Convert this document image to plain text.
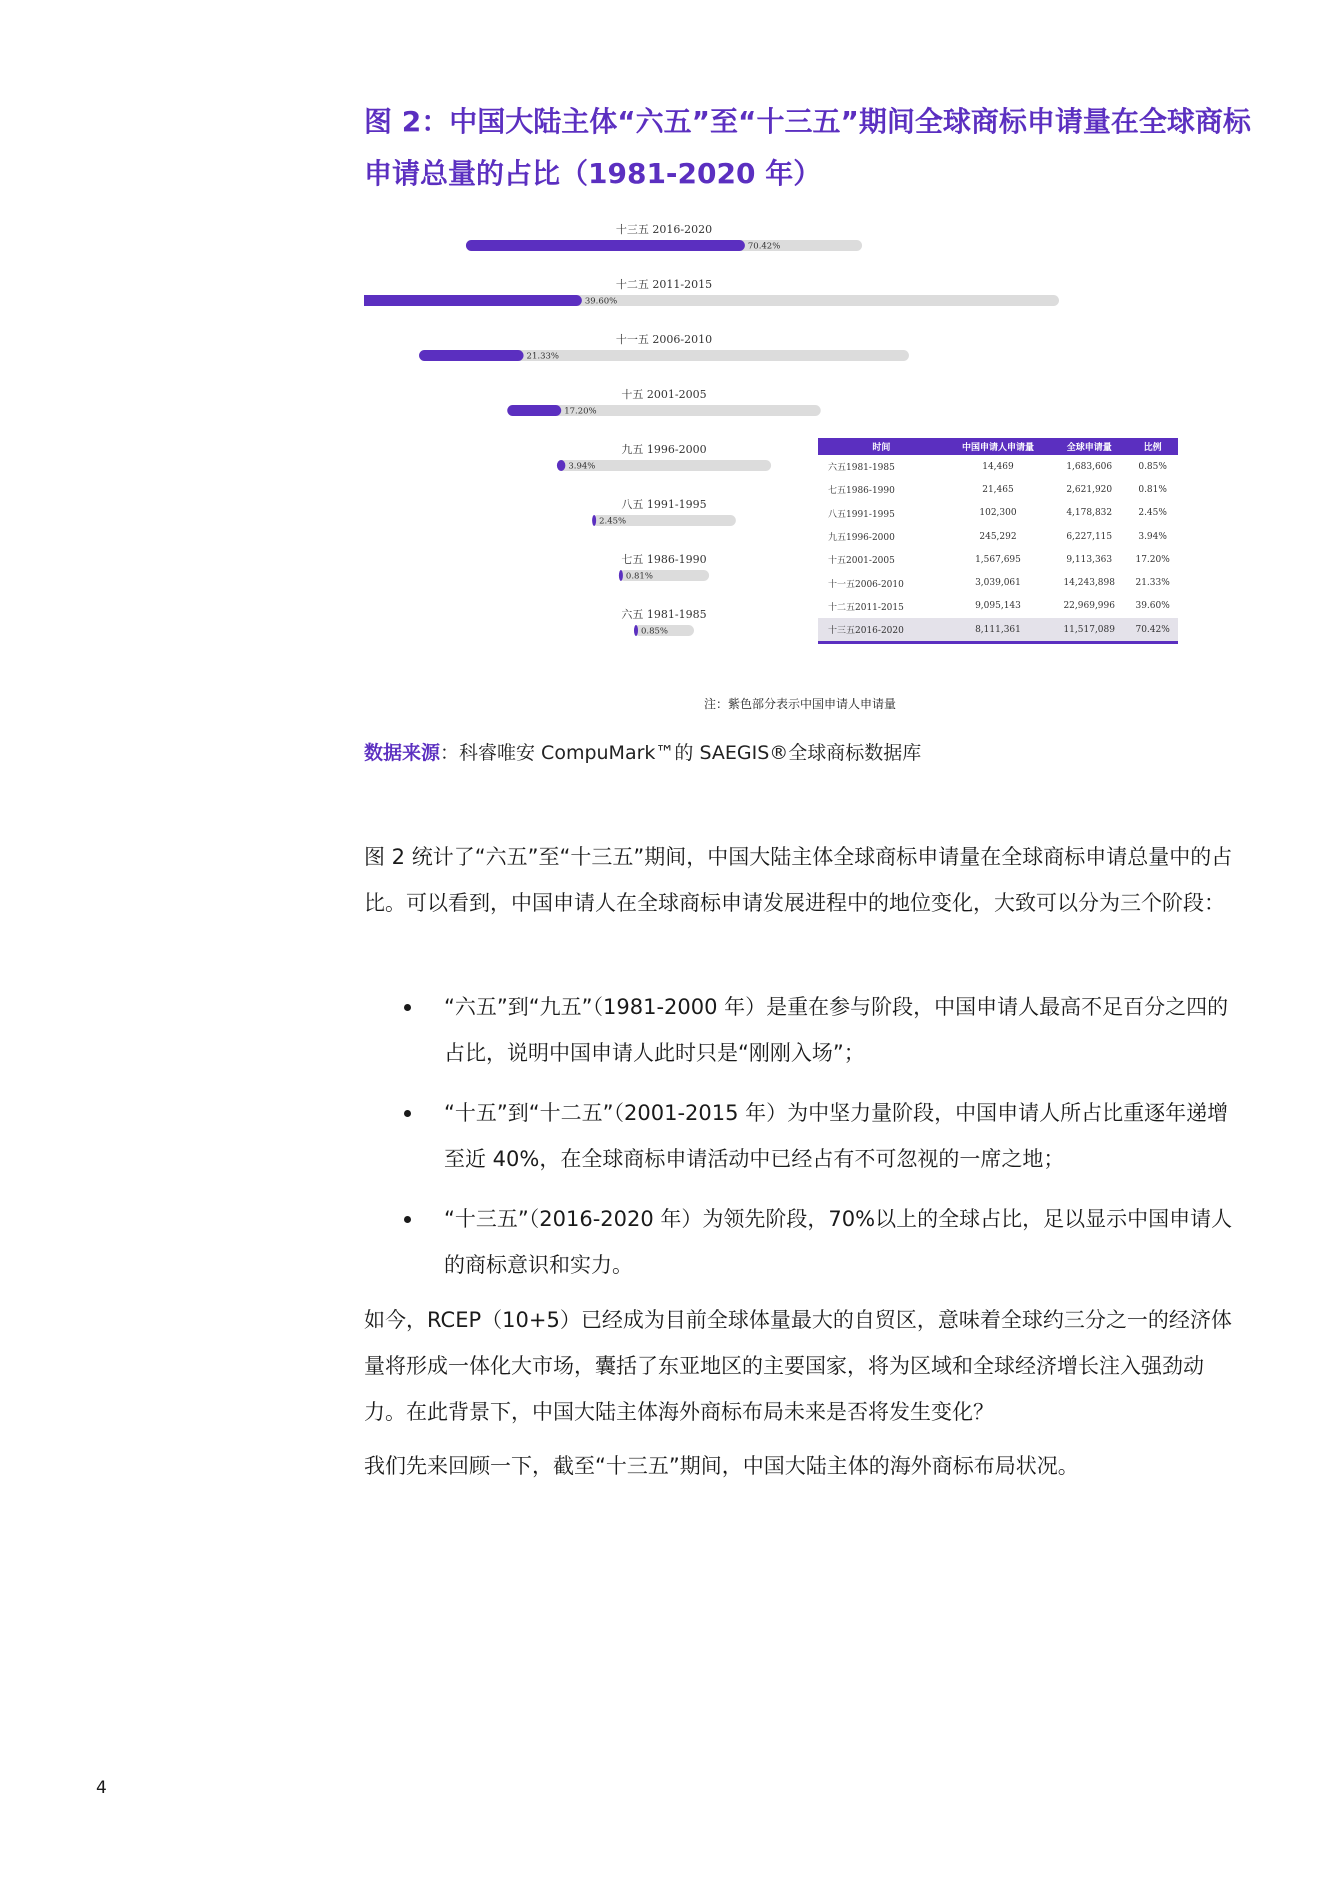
图 2：中国大陆主体“六五”至“十三五”期间全球商标申请量在全球商标申请总量的占比（1981-2020 年）
十三五 2016-2020
70.42%
十二五 2011-2015
39.60%
十一五 2006-2010
21.33%
十五 2001-2005
17.20%
九五 1996-2000
3.94%
八五 1991-1995
2.45%
七五 1986-1990
0.81%
六五 1981-1985
0.85%
时间	中国申请人申请量	全球申请量	比例
六五1981-1985	14,469	1,683,606	0.85%
七五1986-1990	21,465	2,621,920	0.81%
八五1991-1995	102,300	4,178,832	2.45%
九五1996-2000	245,292	6,227,115	3.94%
十五2001-2005	1,567,695	9,113,363	17.20%
十一五2006-2010	3,039,061	14,243,898	21.33%
十二五2011-2015	9,095,143	22,969,996	39.60%
十三五2016-2020	8,111,361	11,517,089	70.42%
注：紫色部分表示中国申请人申请量
数据来源：科睿唯安 CompuMark™的 SAEGIS®全球商标数据库

图 2 统计了“六五”至“十三五”期间，中国大陆主体全球商标申请量在全球商标申请总量中的占比。可以看到，中国申请人在全球商标申请发展进程中的地位变化，大致可以分为三个阶段：

“六五”到“九五”（1981-2000 年）是重在参与阶段，中国申请人最高不足百分之四的占比，说明中国申请人此时只是“刚刚入场”；
“十五”到“十二五”（2001-2015 年）为中坚力量阶段，中国申请人所占比重逐年递增至近 40%，在全球商标申请活动中已经占有不可忽视的一席之地；
“十三五”（2016-2020 年）为领先阶段，70%以上的全球占比，足以显示中国申请人的商标意识和实力。

如今，RCEP（10+5）已经成为目前全球体量最大的自贸区，意味着全球约三分之一的经济体量将形成一体化大市场，囊括了东亚地区的主要国家，将为区域和全球经济增长注入强劲动力。在此背景下，中国大陆主体海外商标布局未来是否将发生变化？

我们先来回顾一下，截至“十三五”期间，中国大陆主体的海外商标布局状况。

4
